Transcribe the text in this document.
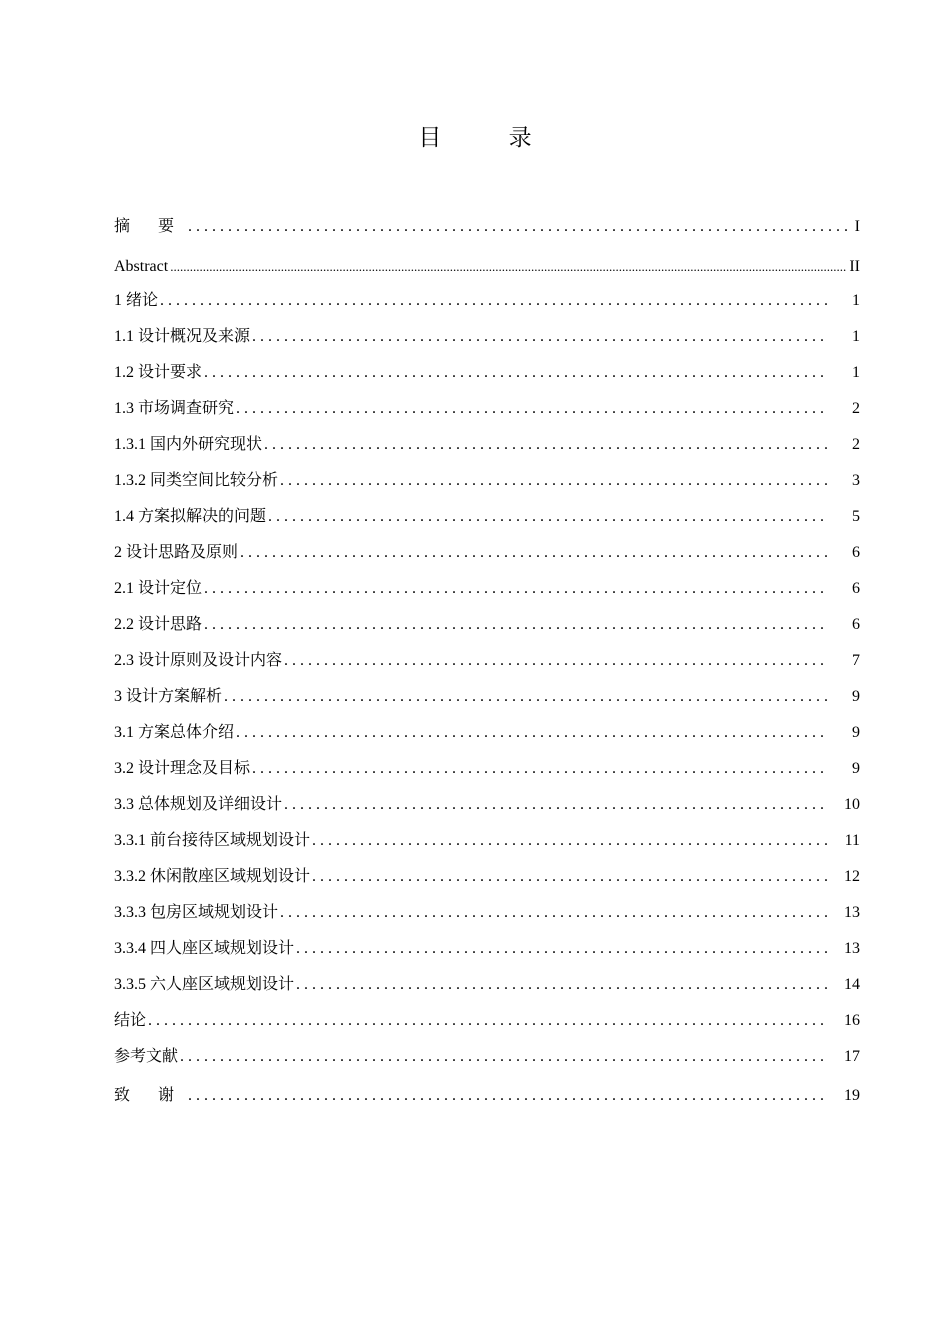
目 录
摘 要 . . .	I
Abstract .....	II
1 绪论 . . .	1
1.1 设计概况及来源 . . .	1
1.2 设计要求 . . .	1
1.3 市场调查研究 . . .	2
1.3.1 国内外研究现状 . . .	2
1.3.2 同类空间比较分析 . . .	3
1.4 方案拟解决的问题 . . .	5
2 设计思路及原则 . . .	6
2.1 设计定位 . . .	6
2.2 设计思路 . . .	6
2.3 设计原则及设计内容 . . .	7
3 设计方案解析 . . .	9
3.1 方案总体介绍 . . .	9
3.2 设计理念及目标 . . .	9
3.3 总体规划及详细设计 . . .	10
3.3.1 前台接待区域规划设计 . . .	11
3.3.2 休闲散座区域规划设计 . . .	12
3.3.3 包房区域规划设计 . . .	13
3.3.4 四人座区域规划设计 . . .	13
3.3.5 六人座区域规划设计 . . .	14
结论 . . .	16
参考文献 . . .	17
致 谢 . . .	19
